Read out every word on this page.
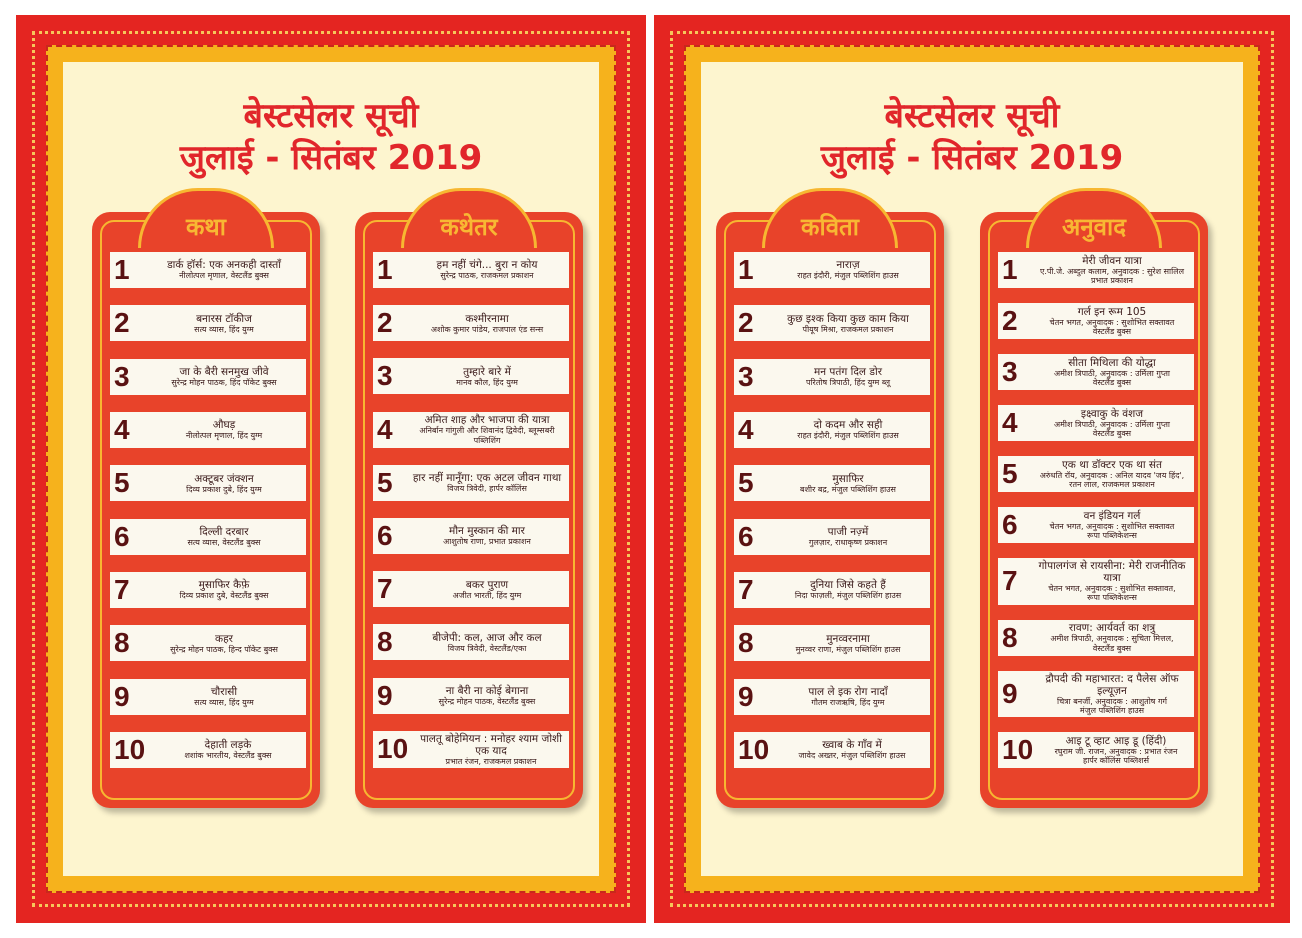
बेस्टसेलर सूची
जुलाई - सितंबर 2019
कथा
1	डार्क हॉर्स: एक अनकही दास्ताँ
नीलोत्पल मृणाल, वेस्टलैंड बुक्स
2	बनारस टॉकीज
सत्य व्यास, हिंद युग्म
3	जा के बैरी सनमुख जीवे
सुरेन्द्र मोहन पाठक, हिंद पॉकेट बुक्स
4	औघड़
नीलोत्पल मृणाल, हिंद युग्म
5	अक्टूबर जंक्शन
दिव्य प्रकाश दुबे, हिंद युग्म
6	दिल्ली दरबार
सत्य व्यास, वेस्टलैंड बुक्स
7	मुसाफिर कैफ़े
दिव्य प्रकाश दुबे, वेस्टलैंड बुक्स
8	कहर
सुरेन्द्र मोहन पाठक, हिन्द पॉकेट बुक्स
9	चौरासी
सत्य व्यास, हिंद युग्म
10	देहाती लड़के
शशांक भारतीय, वेस्टलैंड बुक्स
कथेतर
1	हम नहीं चंगे... बुरा न कोय
सुरेन्द्र पाठक, राजकमल प्रकाशन
2	कश्मीरनामा
अशोक कुमार पांडेय, राजपाल एंड सन्स
3	तुम्हारे बारे में
मानव कौल, हिंद युग्म
4	अमित शाह और भाजपा की यात्रा
अनिर्बान गांगुली और शिवानंद द्विवेदी, ब्लूम्सबरी पब्लिशिंग
5	हार नहीं मानूँगा: एक अटल जीवन गाथा
विजय त्रिवेदी, हार्पर कॉलिंस
6	मौन मुस्कान की मार
आशुतोष राणा, प्रभात प्रकाशन
7	बकर पुराण
अजीत भारती, हिंद युग्म
8	बीजेपी: कल, आज और कल
विजय त्रिवेदी, वेस्टलैंड/एका
9	ना बैरी ना कोई बेगाना
सुरेन्द्र मोहन पाठक, वेस्टलैंड बुक्स
10	पालतू बोहेमियन : मनोहर श्याम जोशी एक याद
प्रभात रंजन, राजकमल प्रकाशन
बेस्टसेलर सूची
जुलाई - सितंबर 2019
कविता
1	नाराज़
राहत इंदौरी, मंजुल पब्लिशिंग हाउस
2	कुछ इश्क किया कुछ काम किया
पीयूष मिश्रा, राजकमल प्रकाशन
3	मन पतंग दिल डोर
परितोष त्रिपाठी, हिंद युग्म ब्लू
4	दो कदम और सही
राहत इंदौरी, मंजुल पब्लिशिंग हाउस
5	मुसाफिर
बशीर बद्र, मंजुल पब्लिशिंग हाउस
6	पाजी नज़्में
गुलज़ार, राधाकृष्ण प्रकाशन
7	दुनिया जिसे कहते हैं
निदा फाज़ली, मंजुल पब्लिशिंग हाउस
8	मुनव्वरनामा
मुनव्वर राणा, मंजुल पब्लिशिंग हाउस
9	पाल ले इक रोग नादाँ
गौतम राजऋषि, हिंद युग्म
10	ख्वाब के गाँव में
जावेद अख्तर, मंजुल पब्लिशिंग हाउस
अनुवाद
1	मेरी जीवन यात्रा
ए.पी.जे. अब्दुल कलाम, अनुवादक : सुरेश सालिल
प्रभात प्रकाशन
2	गर्ल इन रूम 105
चेतन भगत, अनुवादक : सुशोभित सक्तावत
वेस्टलैंड बुक्स
3	सीता मिथिला की योद्धा
अमीश त्रिपाठी, अनुवादक : उर्मिला गुप्ता
वेस्टलैंड बुक्स
4	इक्ष्वाकु के वंशज
अमीश त्रिपाठी, अनुवादक : उर्मिला गुप्ता
वेस्टलैंड बुक्स
5	एक था डॉक्टर एक था संत
अरुंधति रॉय, अनुवादक : अनिल यादव 'जय हिंद',
रतन लाल, राजकमल प्रकाशन
6	वन इंडियन गर्ल
चेतन भगत, अनुवादक : सुशोभित सक्तावत
रूपा पब्लिकेशन्स
7	गोपालगंज से रायसीना: मेरी राजनीतिक यात्रा
चेतन भगत, अनुवादक : सुशोभित सक्तावत,
रूपा पब्लिकेशन्स
8	रावण: आर्यवर्त का शत्रु
अमीश त्रिपाठी, अनुवादक : सुचिता मित्तल,
वेस्टलैंड बुक्स
9	द्रौपदी की महाभारत: द पैलेस ऑफ इल्यूज़न
चित्रा बनर्जी, अनुवादक : आशुतोष गर्ग
मंजुल पब्लिशिंग हाउस
10	आइ टू व्हाट आइ डू (हिंदी)
रघुराम जी. राजन, अनुवादक : प्रभात रंजन
हार्पर कॉलिंस पब्लिशर्स
